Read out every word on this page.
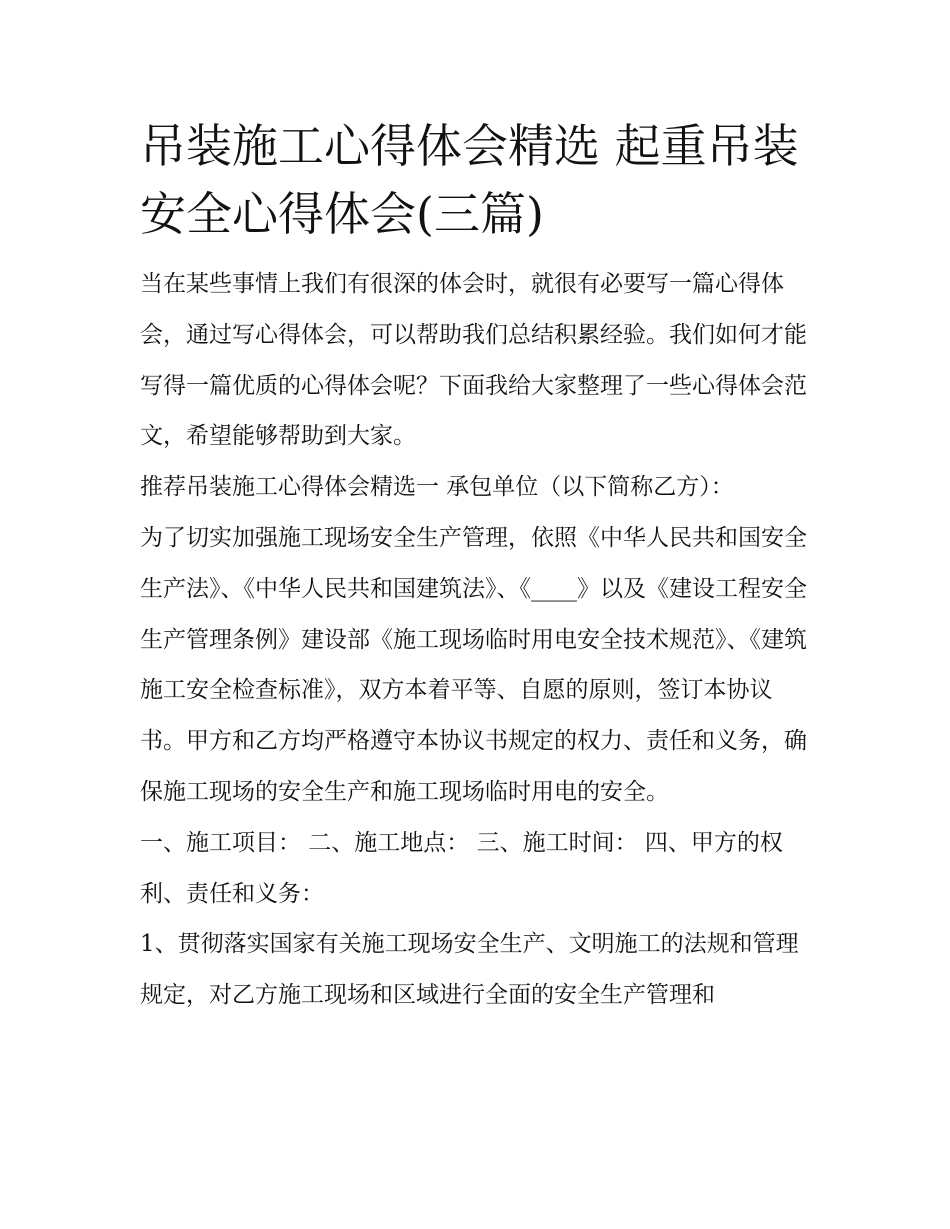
吊装施工心得体会精选 起重吊装安全心得体会(三篇)

当在某些事情上我们有很深的体会时，就很有必要写一篇心得体会，通过写心得体会，可以帮助我们总结积累经验。我们如何才能写得一篇优质的心得体会呢？下面我给大家整理了一些心得体会范文，希望能够帮助到大家。

推荐吊装施工心得体会精选一 承包单位（以下简称乙方）：

为了切实加强施工现场安全生产管理，依照《中华人民共和国安全生产法》、《中华人民共和国建筑法》、《____》以及《建设工程安全生产管理条例》建设部《施工现场临时用电安全技术规范》、《建筑施工安全检查标准》，双方本着平等、自愿的原则，签订本协议书。甲方和乙方均严格遵守本协议书规定的权力、责任和义务，确保施工现场的安全生产和施工现场临时用电的安全。

一、施工项目： 二、施工地点： 三、施工时间： 四、甲方的权利、责任和义务：

1、贯彻落实国家有关施工现场安全生产、文明施工的法规和管理规定，对乙方施工现场和区域进行全面的安全生产管理和
